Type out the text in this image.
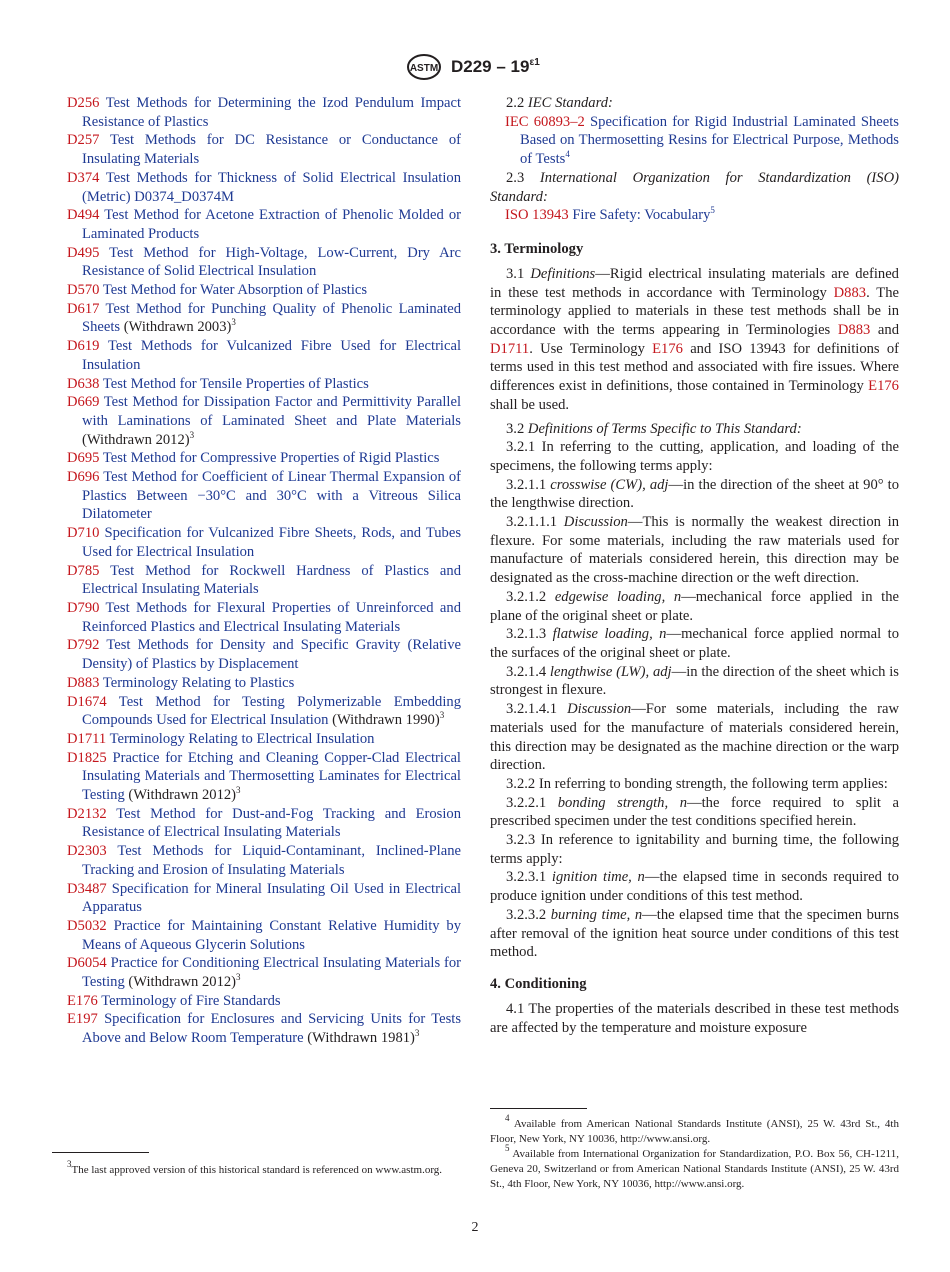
ASTM $D229 - 19^{\varepsilon 1}$
D256 Test Methods for Determining the Izod Pendulum Impact Resistance of Plastics
D257 Test Methods for DC Resistance or Conductance of Insulating Materials
D374 Test Methods for Thickness of Solid Electrical Insulation (Metric) D0374_D0374M
D494 Test Method for Acetone Extraction of Phenolic Molded or Laminated Products
D495 Test Method for High-Voltage, Low-Current, Dry Arc Resistance of Solid Electrical Insulation
D570 Test Method for Water Absorption of Plastics
D617 Test Method for Punching Quality of Phenolic Laminated Sheets (Withdrawn 2003)$^3$
D619 Test Methods for Vulcanized Fibre Used for Electrical Insulation
D638 Test Method for Tensile Properties of Plastics
D669 Test Method for Dissipation Factor and Permittivity Parallel with Laminations of Laminated Sheet and Plate Materials (Withdrawn 2012)$^3$
D695 Test Method for Compressive Properties of Rigid Plastics
D696 Test Method for Coefficient of Linear Thermal Expansion of Plastics Between −30°C and 30°C with a Vitreous Silica Dilatometer
D710 Specification for Vulcanized Fibre Sheets, Rods, and Tubes Used for Electrical Insulation
D785 Test Method for Rockwell Hardness of Plastics and Electrical Insulating Materials
D790 Test Methods for Flexural Properties of Unreinforced and Reinforced Plastics and Electrical Insulating Materials
D792 Test Methods for Density and Specific Gravity (Relative Density) of Plastics by Displacement
D883 Terminology Relating to Plastics
D1674 Test Method for Testing Polymerizable Embedding Compounds Used for Electrical Insulation (Withdrawn 1990)$^3$
D1711 Terminology Relating to Electrical Insulation
D1825 Practice for Etching and Cleaning Copper-Clad Electrical Insulating Materials and Thermosetting Laminates for Electrical Testing (Withdrawn 2012)$^3$
D2132 Test Method for Dust-and-Fog Tracking and Erosion Resistance of Electrical Insulating Materials
D2303 Test Methods for Liquid-Contaminant, Inclined-Plane Tracking and Erosion of Insulating Materials
D3487 Specification for Mineral Insulating Oil Used in Electrical Apparatus
D5032 Practice for Maintaining Constant Relative Humidity by Means of Aqueous Glycerin Solutions
D6054 Practice for Conditioning Electrical Insulating Materials for Testing (Withdrawn 2012)$^3$
E176 Terminology of Fire Standards
E197 Specification for Enclosures and Servicing Units for Tests Above and Below Room Temperature (Withdrawn 1981)$^3$
2.2 IEC Standard:
IEC 60893–2 Specification for Rigid Industrial Laminated Sheets Based on Thermosetting Resins for Electrical Purpose, Methods of Tests$^4$
2.3 International Organization for Standardization (ISO) Standard:
ISO 13943 Fire Safety: Vocabulary$^5$
3. Terminology
3.1 Definitions—Rigid electrical insulating materials are defined in these test methods in accordance with Terminology D883. The terminology applied to materials in these test methods shall be in accordance with the terms appearing in Terminologies D883 and D1711. Use Terminology E176 and ISO 13943 for definitions of terms used in this test method and associated with fire issues. Where differences exist in definitions, those contained in Terminology E176 shall be used.
3.2 Definitions of Terms Specific to This Standard:
3.2.1 In referring to the cutting, application, and loading of the specimens, the following terms apply:
3.2.1.1 crosswise (CW), adj—in the direction of the sheet at 90° to the lengthwise direction.
3.2.1.1.1 Discussion—This is normally the weakest direction in flexure. For some materials, including the raw materials used for manufacture of materials considered herein, this direction may be designated as the cross-machine direction or the weft direction.
3.2.1.2 edgewise loading, n—mechanical force applied in the plane of the original sheet or plate.
3.2.1.3 flatwise loading, n—mechanical force applied normal to the surfaces of the original sheet or plate.
3.2.1.4 lengthwise (LW), adj—in the direction of the sheet which is strongest in flexure.
3.2.1.4.1 Discussion—For some materials, including the raw materials used for the manufacture of materials considered herein, this direction may be designated as the machine direction or the warp direction.
3.2.2 In referring to bonding strength, the following term applies:
3.2.2.1 bonding strength, n—the force required to split a prescribed specimen under the test conditions specified herein.
3.2.3 In reference to ignitability and burning time, the following terms apply:
3.2.3.1 ignition time, n—the elapsed time in seconds required to produce ignition under conditions of this test method.
3.2.3.2 burning time, n—the elapsed time that the specimen burns after removal of the ignition heat source under conditions of this test method.
4. Conditioning
4.1 The properties of the materials described in these test methods are affected by the temperature and moisture exposure
$^3$The last approved version of this historical standard is referenced on www.astm.org.
$^4$ Available from American National Standards Institute (ANSI), 25 W. 43rd St., 4th Floor, New York, NY 10036, http://www.ansi.org.
$^5$ Available from International Organization for Standardization, P.O. Box 56, CH-1211, Geneva 20, Switzerland or from American National Standards Institute (ANSI), 25 W. 43rd St., 4th Floor, New York, NY 10036, http://www.ansi.org.
2
